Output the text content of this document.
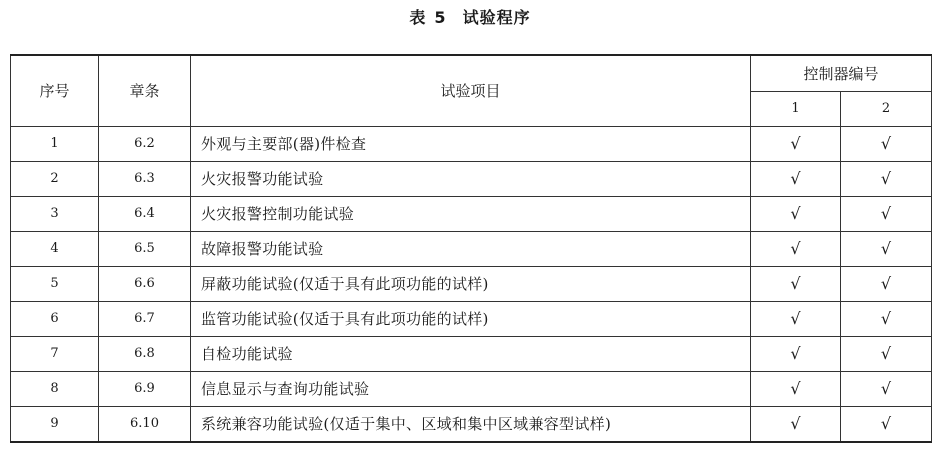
表 5 试验程序
序号	章条	试验项目	控制器编号	
			1	2
1	6.2	外观与主要部(器)件检查	√	√
2	6.3	火灾报警功能试验	√	√
3	6.4	火灾报警控制功能试验	√	√
4	6.5	故障报警功能试验	√	√
5	6.6	屏蔽功能试验(仅适于具有此项功能的试样)	√	√
6	6.7	监管功能试验(仅适于具有此项功能的试样)	√	√
7	6.8	自检功能试验	√	√
8	6.9	信息显示与查询功能试验	√	√
9	6.10	系统兼容功能试验(仅适于集中、区域和集中区域兼容型试样)	√	√
